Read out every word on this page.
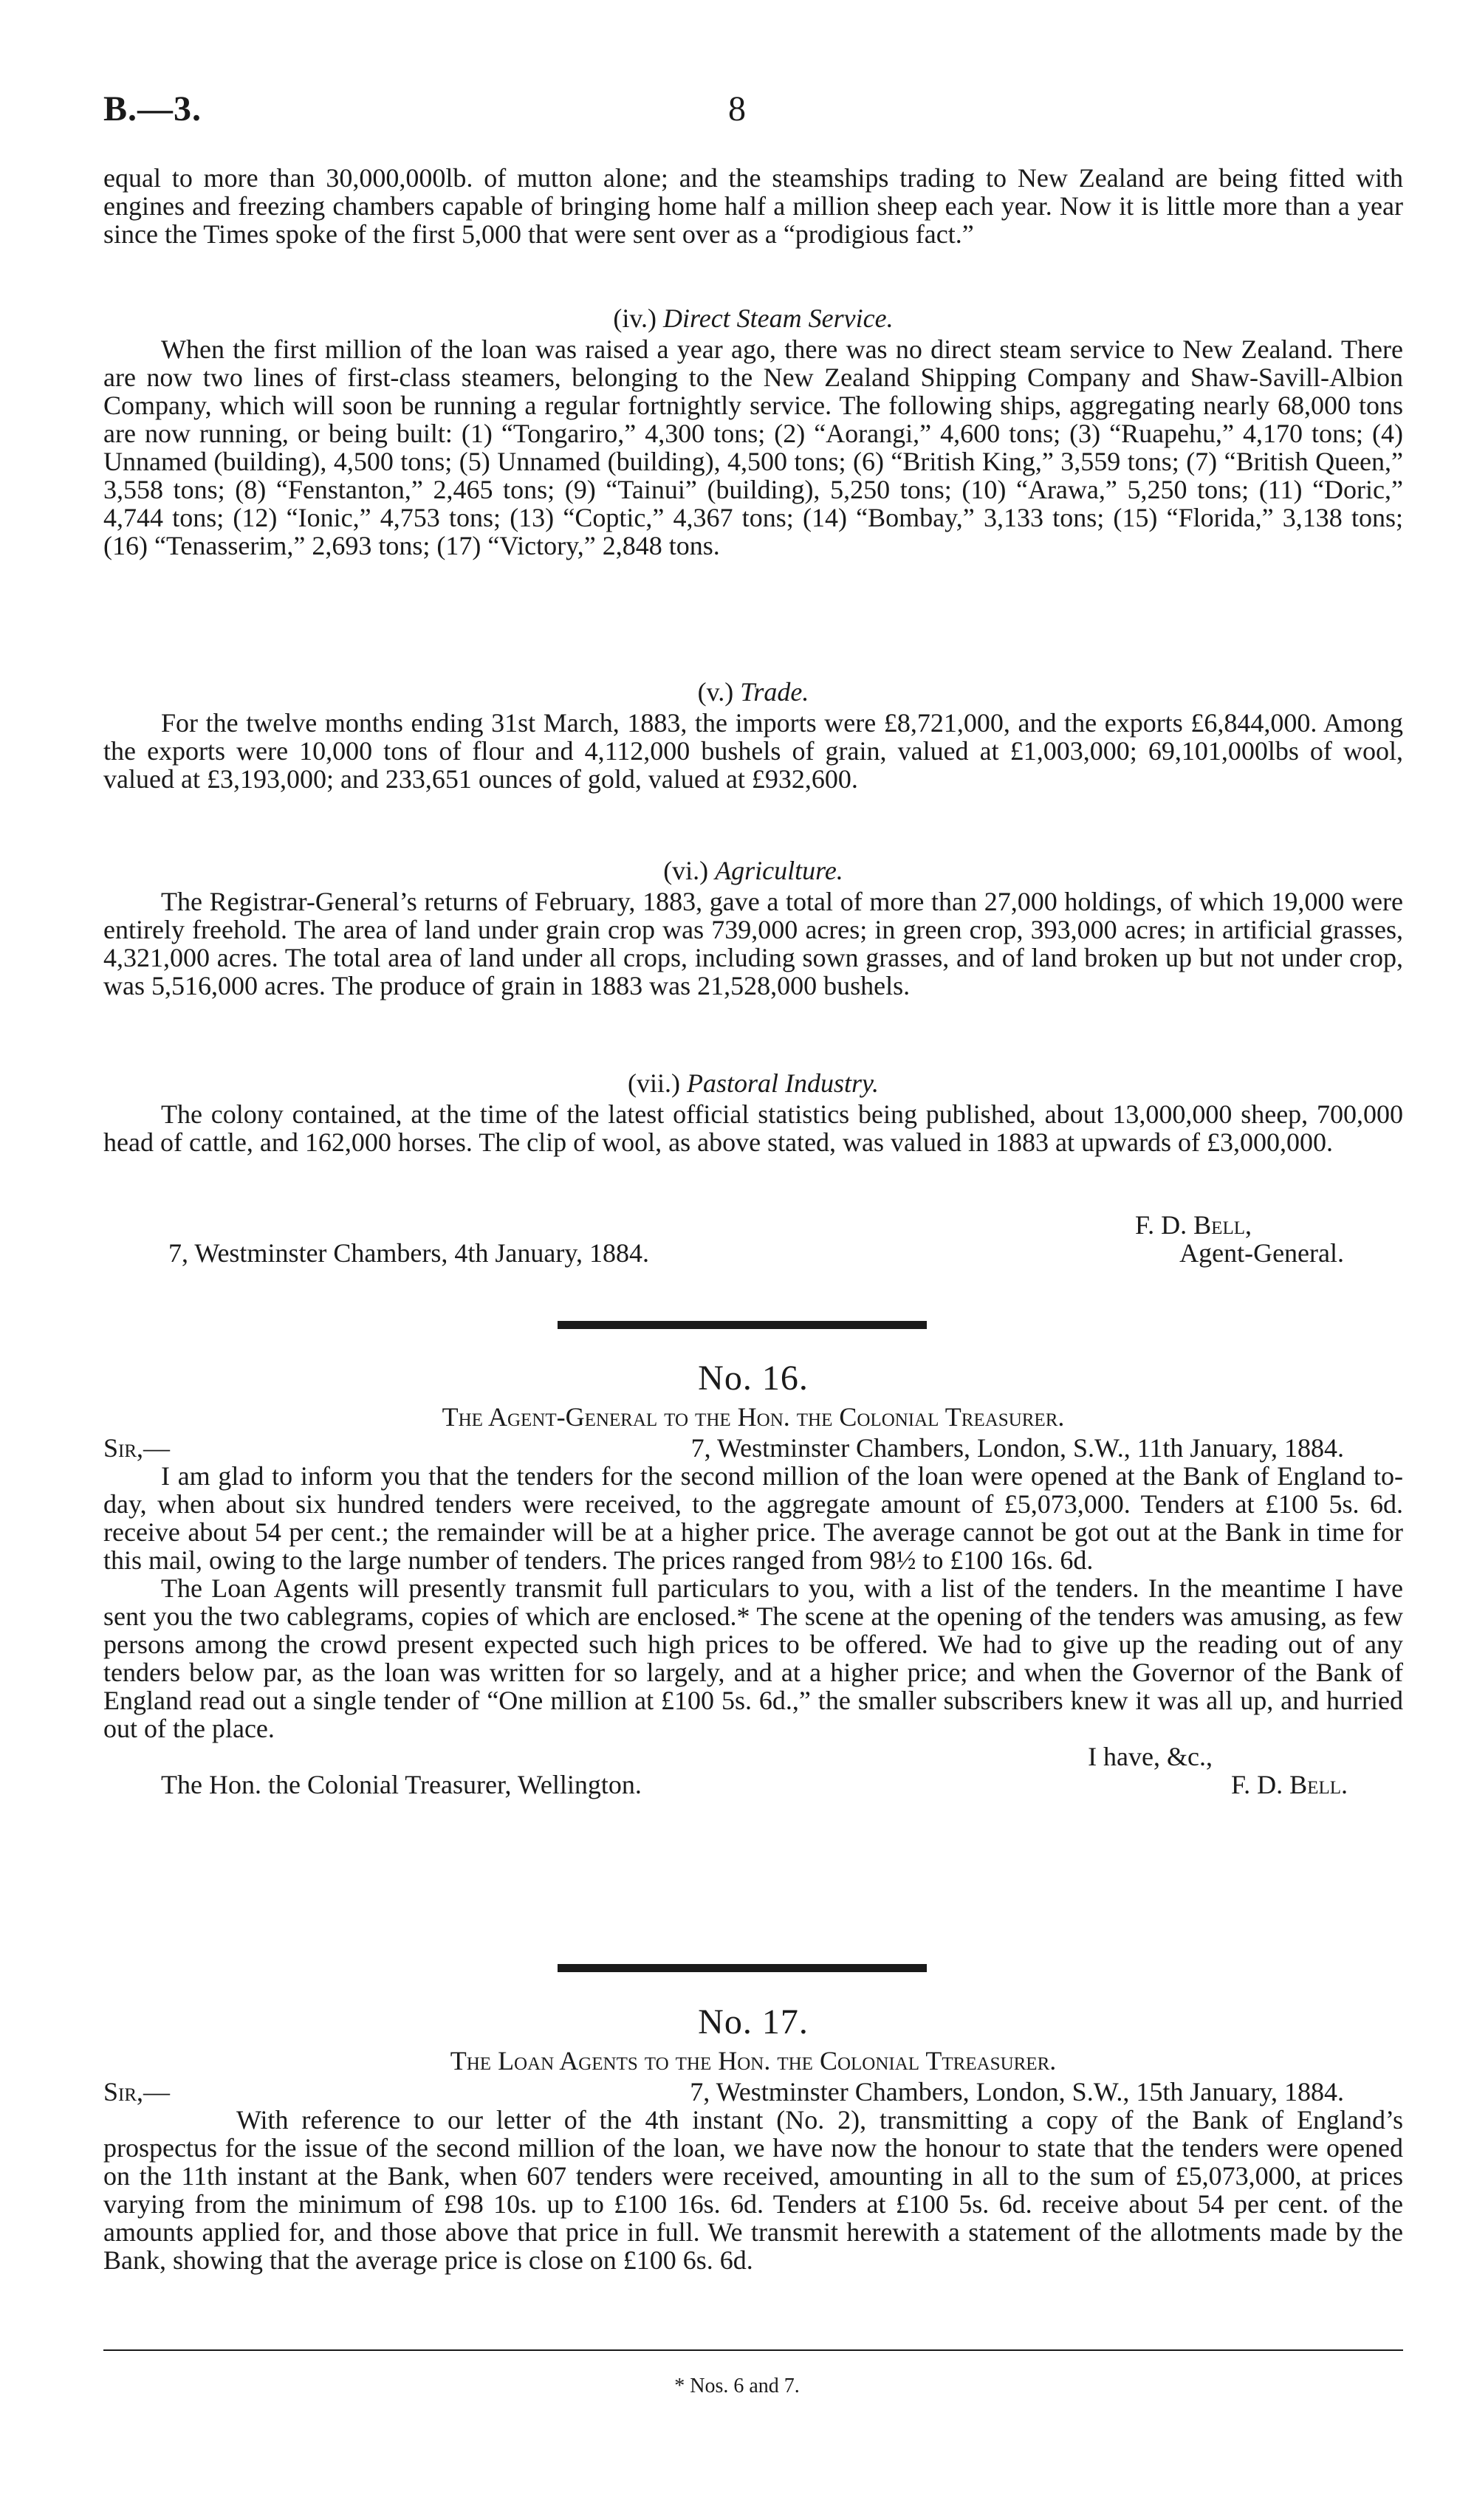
B.—3.	8

equal to more than 30,000,000lb. of mutton alone; and the steamships trading to New Zealand are being fitted with engines and freezing chambers capable of bringing home half a million sheep each year. Now it is little more than a year since the Times spoke of the first 5,000 that were sent over as a “prodigious fact.”

(iv.) Direct Steam Service.

When the first million of the loan was raised a year ago, there was no direct steam service to New Zealand. There are now two lines of first-class steamers, belonging to the New Zealand Shipping Company and Shaw-Savill-Albion Company, which will soon be running a regular fortnightly service. The following ships, aggregating nearly 68,000 tons are now running, or being built: (1) “Tongariro,” 4,300 tons; (2) “Aorangi,” 4,600 tons; (3) “Ruapehu,” 4,170 tons; (4) Unnamed (building), 4,500 tons; (5) Unnamed (building), 4,500 tons; (6) “British King,” 3,559 tons; (7) “British Queen,” 3,558 tons; (8) “Fenstanton,” 2,465 tons; (9) “Tainui” (building), 5,250 tons; (10) “Arawa,” 5,250 tons; (11) “Doric,” 4,744 tons; (12) “Ionic,” 4,753 tons; (13) “Coptic,” 4,367 tons; (14) “Bombay,” 3,133 tons; (15) “Florida,” 3,138 tons; (16) “Tenasserim,” 2,693 tons; (17) “Victory,” 2,848 tons.

(v.) Trade.

For the twelve months ending 31st March, 1883, the imports were £8,721,000, and the exports £6,844,000. Among the exports were 10,000 tons of flour and 4,112,000 bushels of grain, valued at £1,003,000; 69,101,000lbs of wool, valued at £3,193,000; and 233,651 ounces of gold, valued at £932,600.

(vi.) Agriculture.

The Registrar-General’s returns of February, 1883, gave a total of more than 27,000 holdings, of which 19,000 were entirely freehold. The area of land under grain crop was 739,000 acres; in green crop, 393,000 acres; in artificial grasses, 4,321,000 acres. The total area of land under all crops, including sown grasses, and of land broken up but not under crop, was 5,516,000 acres. The produce of grain in 1883 was 21,528,000 bushels.

(vii.) Pastoral Industry.

The colony contained, at the time of the latest official statistics being published, about 13,000,000 sheep, 700,000 head of cattle, and 162,000 horses. The clip of wool, as above stated, was valued in 1883 at upwards of £3,000,000.

F. D. Bell,
7, Westminster Chambers, 4th January, 1884.	Agent-General.
No. 16.
The Agent-General to the Hon. the Colonial Treasurer.
Sir,—	7, Westminster Chambers, London, S.W., 11th January, 1884.

I am glad to inform you that the tenders for the second million of the loan were opened at the Bank of England to-day, when about six hundred tenders were received, to the aggregate amount of £5,073,000. Tenders at £100 5s. 6d. receive about 54 per cent.; the remainder will be at a higher price. The average cannot be got out at the Bank in time for this mail, owing to the large number of tenders. The prices ranged from 98½ to £100 16s. 6d.

The Loan Agents will presently transmit full particulars to you, with a list of the tenders. In the meantime I have sent you the two cablegrams, copies of which are enclosed.* The scene at the opening of the tenders was amusing, as few persons among the crowd present expected such high prices to be offered. We had to give up the reading out of any tenders below par, as the loan was written for so largely, and at a higher price; and when the Governor of the Bank of England read out a single tender of “One million at £100 5s. 6d.,” the smaller subscribers knew it was all up, and hurried out of the place.

I have, &c.,
The Hon. the Colonial Treasurer, Wellington.	F. D. Bell.
No. 17.
The Loan Agents to the Hon. the Colonial Ttreasurer.
Sir,—	7, Westminster Chambers, London, S.W., 15th January, 1884.

With reference to our letter of the 4th instant (No. 2), transmitting a copy of the Bank of England’s prospectus for the issue of the second million of the loan, we have now the honour to state that the tenders were opened on the 11th instant at the Bank, when 607 tenders were received, amounting in all to the sum of £5,073,000, at prices varying from the minimum of £98 10s. up to £100 16s. 6d. Tenders at £100 5s. 6d. receive about 54 per cent. of the amounts applied for, and those above that price in full. We transmit herewith a statement of the allotments made by the Bank, showing that the average price is close on £100 6s. 6d.

* Nos. 6 and 7.
